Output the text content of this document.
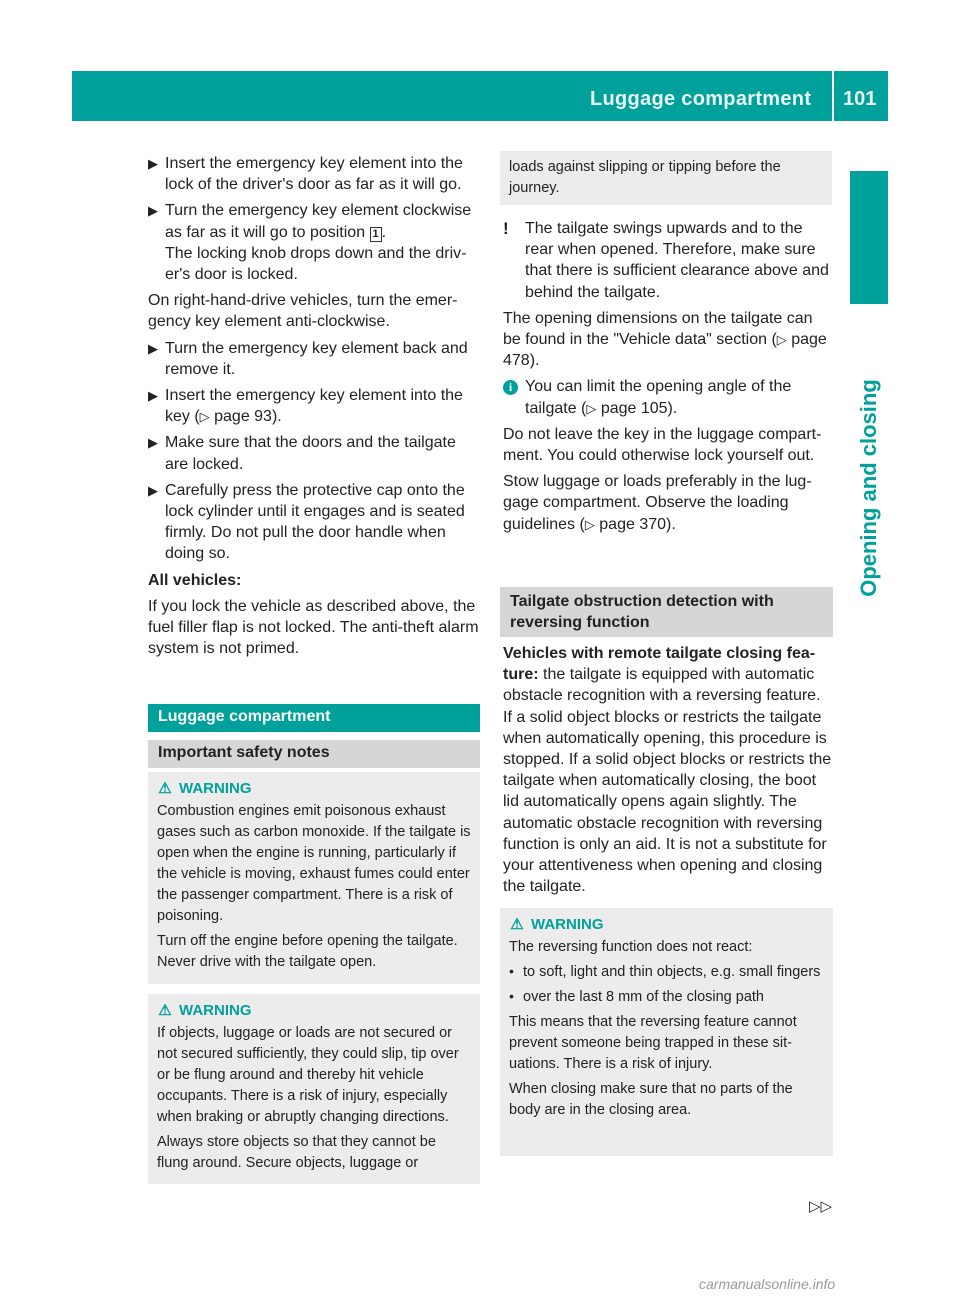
Luggage compartment 101
Opening and closing
▶ Insert the emergency key element into the lock of the driver's door as far as it will go.
▶ Turn the emergency key element clockwise as far as it will go to position 1 .
The locking knob drops down and the driver's door is locked.
On right-hand-drive vehicles, turn the emergency key element anti-clockwise.
▶ Turn the emergency key element back and remove it.
▶ Insert the emergency key element into the key (▷ page 93).
▶ Make sure that the doors and the tailgate are locked.
▶ Carefully press the protective cap onto the lock cylinder until it engages and is seated firmly. Do not pull the door handle when doing so.
All vehicles:
If you lock the vehicle as described above, the fuel filler flap is not locked. The anti-theft alarm system is not primed.
Luggage compartment
Important safety notes
⚠ WARNING
Combustion engines emit poisonous exhaust gases such as carbon monoxide. If the tailgate is open when the engine is running, particularly if the vehicle is moving, exhaust fumes could enter the passenger compartment. There is a risk of poisoning.
Turn off the engine before opening the tailgate. Never drive with the tailgate open.
⚠ WARNING
If objects, luggage or loads are not secured or not secured sufficiently, they could slip, tip over or be flung around and thereby hit vehicle occupants. There is a risk of injury, especially when braking or abruptly changing directions.
Always store objects so that they cannot be flung around. Secure objects, luggage or
loads against slipping or tipping before the journey.
! The tailgate swings upwards and to the rear when opened. Therefore, make sure that there is sufficient clearance above and behind the tailgate.
The opening dimensions on the tailgate can be found in the "Vehicle data" section (▷ page 478).
i You can limit the opening angle of the tailgate (▷ page 105).
Do not leave the key in the luggage compartment. You could otherwise lock yourself out.
Stow luggage or loads preferably in the luggage compartment. Observe the loading guidelines (▷ page 370).
Tailgate obstruction detection with reversing function
Vehicles with remote tailgate closing feature: the tailgate is equipped with automatic obstacle recognition with a reversing feature. If a solid object blocks or restricts the tailgate when automatically opening, this procedure is stopped. If a solid object blocks or restricts the tailgate when automatically closing, the boot lid automatically opens again slightly. The automatic obstacle recognition with reversing function is only an aid. It is not a substitute for your attentiveness when opening and closing the tailgate.
⚠ WARNING
The reversing function does not react:
• to soft, light and thin objects, e.g. small fingers
• over the last 8 mm of the closing path
This means that the reversing feature cannot prevent someone being trapped in these situations. There is a risk of injury.
When closing make sure that no parts of the body are in the closing area.
▷▷
carmanualsonline.info
